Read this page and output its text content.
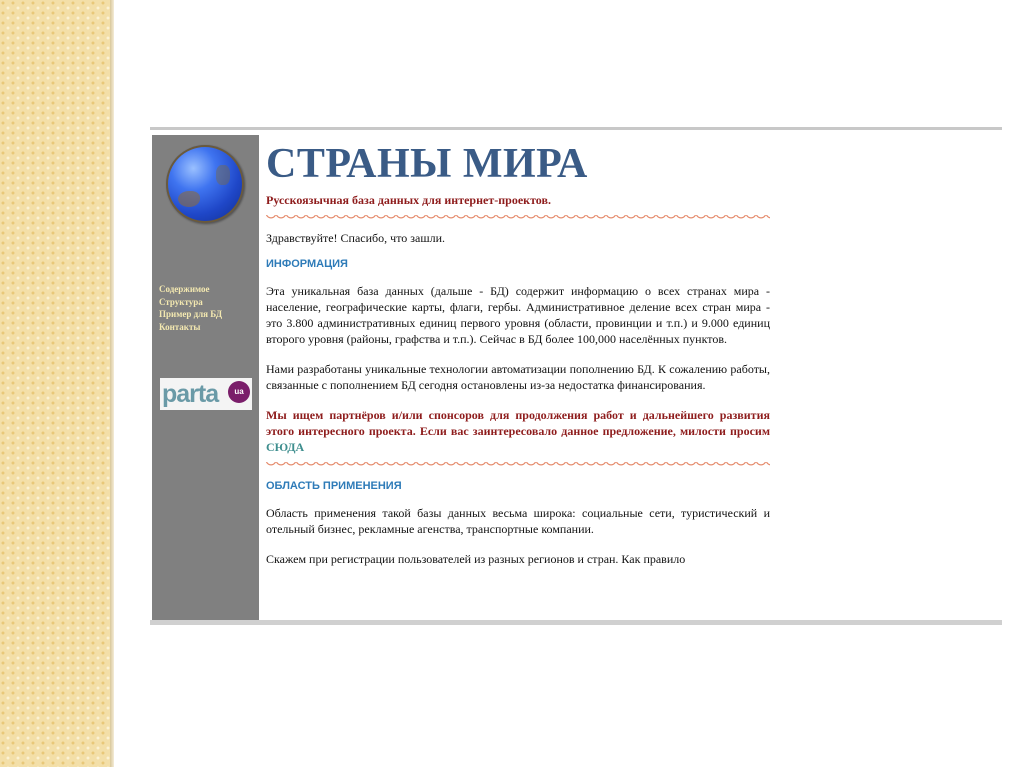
Содержимое
Структура
Пример для БД
Контакты
parta	ua
СТРАНЫ МИРА
Русскоязычная база данных для интернет-проектов.

Здравствуйте! Спасибо, что зашли.

ИНФОРМАЦИЯ

Эта уникальная база данных (дальше - БД) содержит информацию о всех странах мира - население, географические карты, флаги, гербы. Административное деление всех стран мира - это 3.800 административных единиц первого уровня (области, провинции и т.п.) и 9.000 единиц второго уровня (районы, графства и т.п.). Сейчас в БД более 100,000 населённых пунктов.

Нами разработаны уникальные технологии автоматизации пополнению БД. К сожалению работы, связанные с пополнением БД сегодня остановлены из-за недостатка финансирования.

Мы ищем партнёров и/или спонсоров для продолжения работ и дальнейшего развития этого интересного проекта. Если вас заинтересовало данное предложение, милости просим СЮДА

ОБЛАСТЬ ПРИМЕНЕНИЯ

Область применения такой базы данных весьма широка: социальные сети, туристический и отельный бизнес, рекламные агенства, транспортные компании.

Скажем при регистрации пользователей из разных регионов и стран. Как правило
